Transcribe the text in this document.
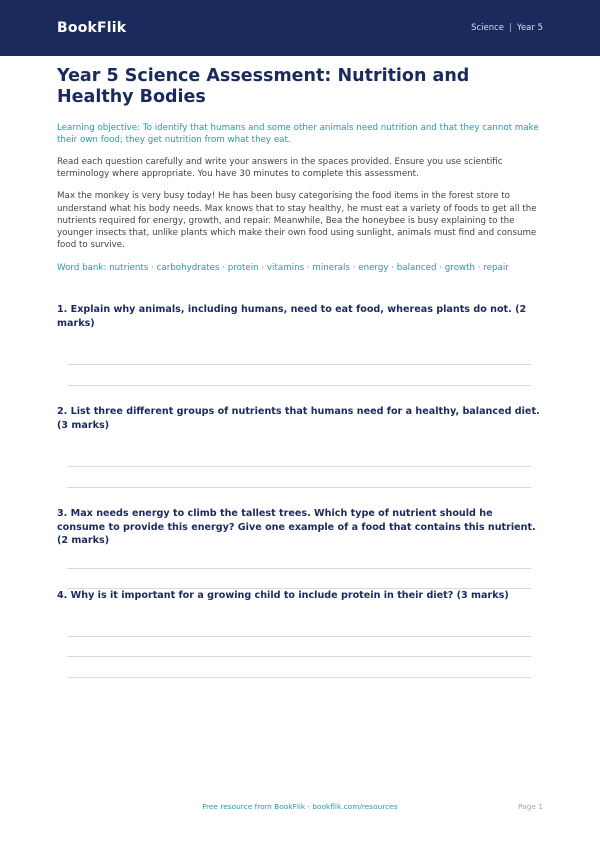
BookFlik	Science | Year 5
Year 5 Science Assessment: Nutrition and Healthy Bodies

Learning objective: To identify that humans and some other animals need nutrition and that they cannot make their own food; they get nutrition from what they eat.

Read each question carefully and write your answers in the spaces provided. Ensure you use scientific terminology where appropriate. You have 30 minutes to complete this assessment.

Max the monkey is very busy today! He has been busy categorising the food items in the forest store to understand what his body needs. Max knows that to stay healthy, he must eat a variety of foods to get all the nutrients required for energy, growth, and repair. Meanwhile, Bea the honeybee is busy explaining to the younger insects that, unlike plants which make their own food using sunlight, animals must find and consume food to survive.

Word bank: nutrients · carbohydrates · protein · vitamins · minerals · energy · balanced · growth · repair

1. Explain why animals, including humans, need to eat food, whereas plants do not. (2 marks)
2. List three different groups of nutrients that humans need for a healthy, balanced diet. (3 marks)
3. Max needs energy to climb the tallest trees. Which type of nutrient should he consume to provide this energy? Give one example of a food that contains this nutrient. (2 marks)
4. Why is it important for a growing child to include protein in their diet? (3 marks)
Free resource from BookFlik · bookflik.com/resources	Page 1
